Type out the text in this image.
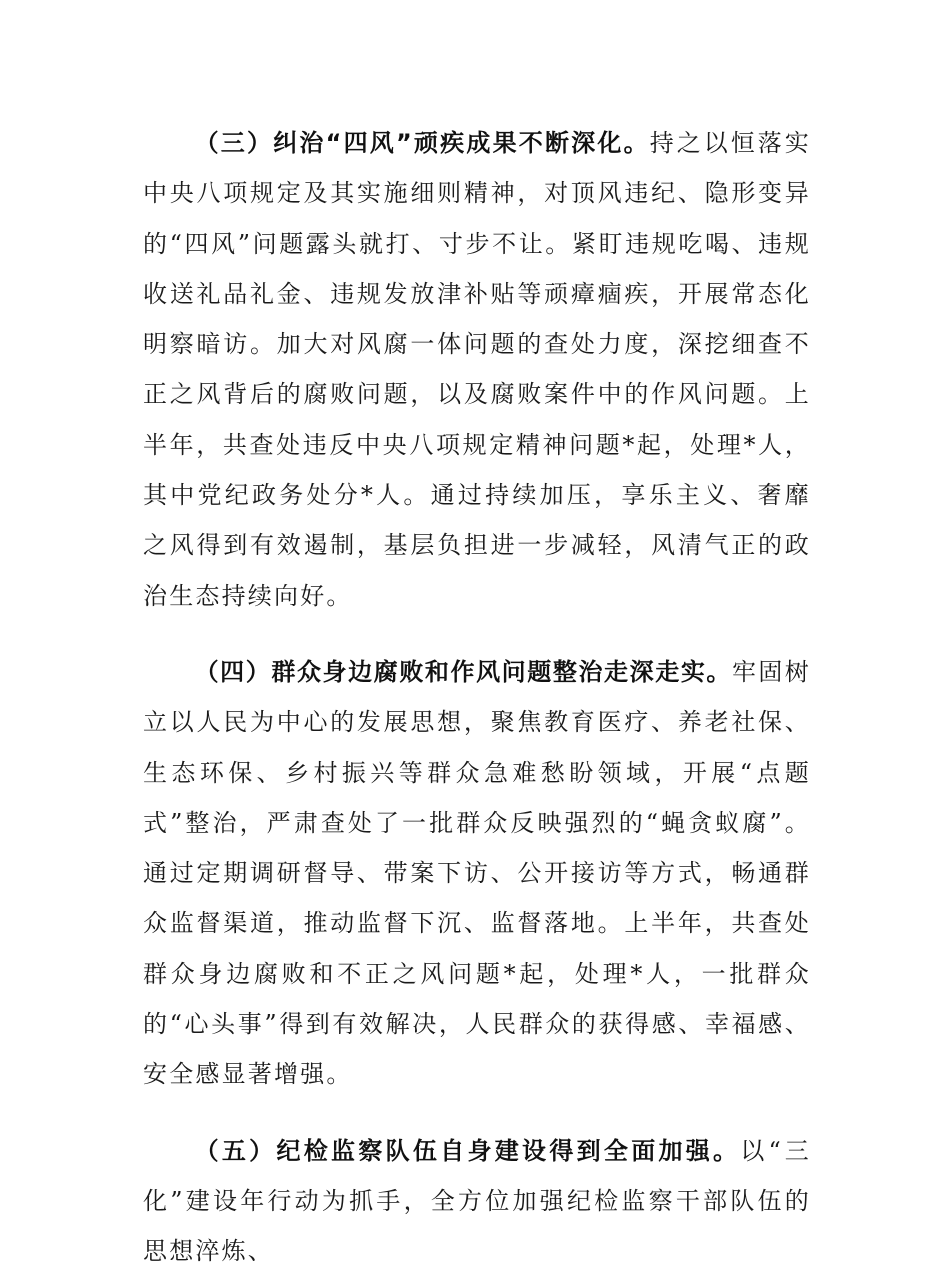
（三）纠治“四风”顽疾成果不断深化。持之以恒落实中央八项规定及其实施细则精神，对顶风违纪、隐形变异的“四风”问题露头就打、寸步不让。紧盯违规吃喝、违规收送礼品礼金、违规发放津补贴等顽瘴痼疾，开展常态化明察暗访。加大对风腐一体问题的查处力度，深挖细查不正之风背后的腐败问题，以及腐败案件中的作风问题。上半年，共查处违反中央八项规定精神问题*起，处理*人，其中党纪政务处分*人。通过持续加压，享乐主义、奢靡之风得到有效遏制，基层负担进一步减轻，风清气正的政治生态持续向好。

（四）群众身边腐败和作风问题整治走深走实。牢固树立以人民为中心的发展思想，聚焦教育医疗、养老社保、生态环保、乡村振兴等群众急难愁盼领域，开展“点题式”整治，严肃查处了一批群众反映强烈的“蝇贪蚁腐”。通过定期调研督导、带案下访、公开接访等方式，畅通群众监督渠道，推动监督下沉、监督落地。上半年，共查处群众身边腐败和不正之风问题*起，处理*人，一批群众的“心头事”得到有效解决，人民群众的获得感、幸福感、安全感显著增强。

（五）纪检监察队伍自身建设得到全面加强。以“三化”建设年行动为抓手，全方位加强纪检监察干部队伍的思想淬炼、
